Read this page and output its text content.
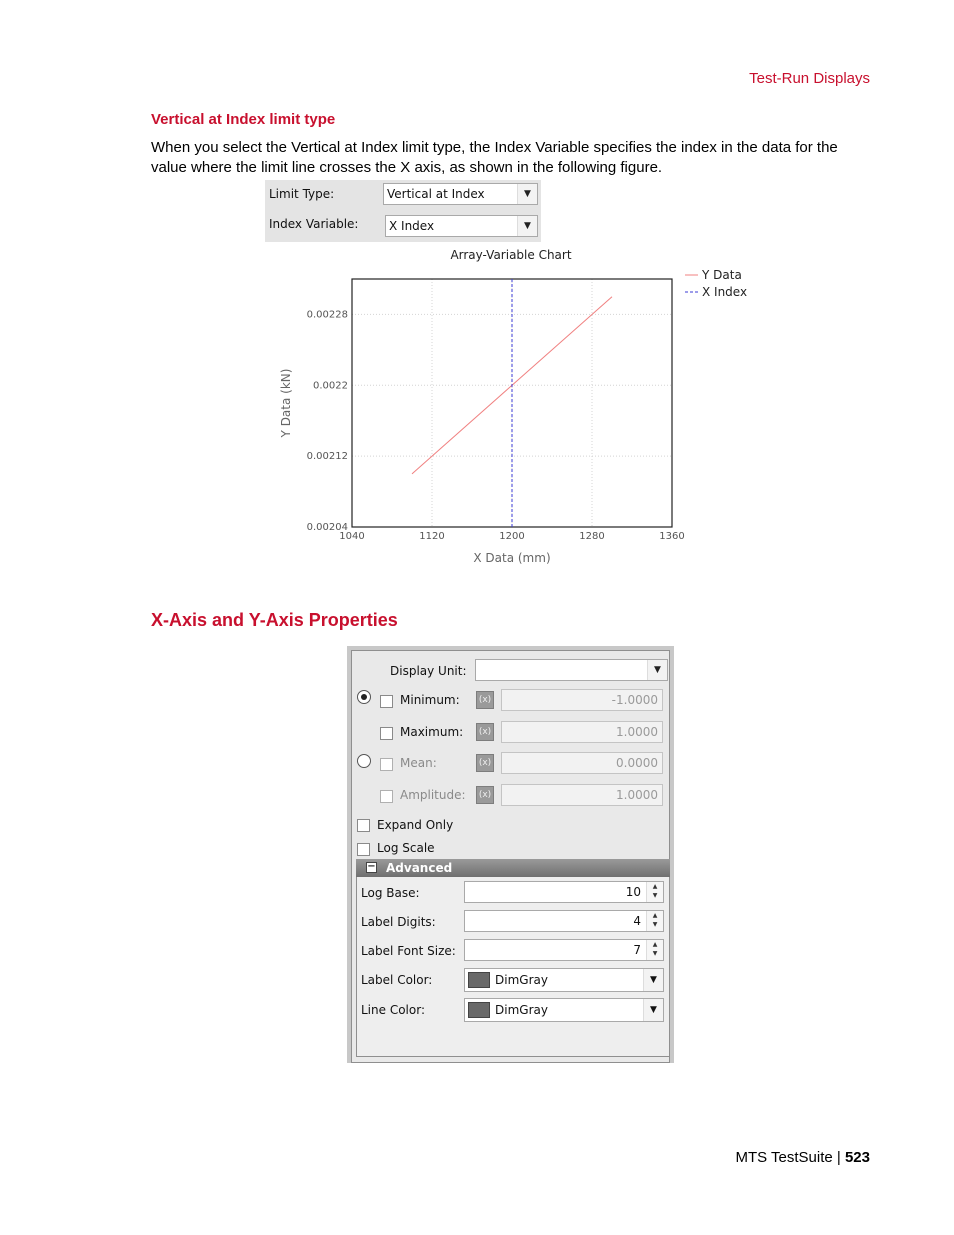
Test-Run Displays
Vertical at Index limit type
When you select the Vertical at Index limit type, the Index Variable specifies the index in the data for the value where the limit line crosses the X axis, as shown in the following figure.
Limit Type:	Vertical at Index	▼
Index Variable:	X Index	▼
Array-Variable Chart
1040	1120	1200	1280	1360
0.00204
0.00212
0.0022
0.00228
X Data (mm)
Y Data (kN)
Y Data
X Index
X-Axis and Y-Axis Properties
Display Unit:	▼
Minimum:	(x)	-1.0000
Maximum:	(x)	1.0000
Mean:	(x)	0.0000
Amplitude:	(x)	1.0000
Expand Only
Log Scale
− Advanced
Log Base:	10	▲
▼
Label Digits:	4	▲
▼
Label Font Size:	7	▲
▼
Label Color:	DimGray	▼
Line Color:	DimGray	▼
MTS TestSuite | 523
